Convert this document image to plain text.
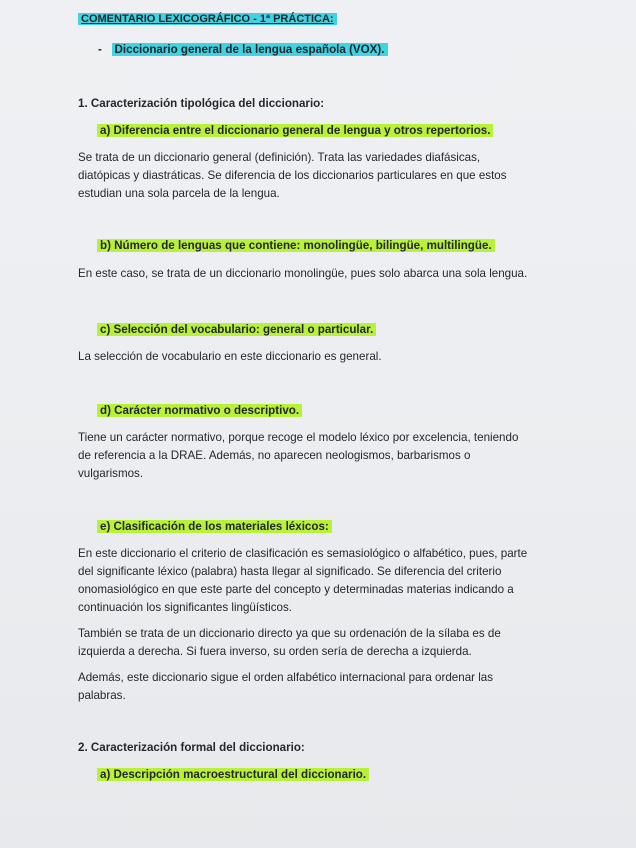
COMENTARIO LEXICOGRÁFICO - 1ª PRÁCTICA:

- Diccionario general de la lengua española (VOX).

1. Caracterización tipológica del diccionario:

a) Diferencia entre el diccionario general de lengua y otros repertorios.

Se trata de un diccionario general (definición). Trata las variedades diafásicas,

diatópicas y diastráticas. Se diferencia de los diccionarios particulares en que estos

estudian una sola parcela de la lengua.

b) Número de lenguas que contiene: monolingüe, bilingüe, multilingüe.

En este caso, se trata de un diccionario monolingüe, pues solo abarca una sola lengua.

c) Selección del vocabulario: general o particular.

La selección de vocabulario en este diccionario es general.

d) Carácter normativo o descriptivo.

Tiene un carácter normativo, porque recoge el modelo léxico por excelencia, teniendo

de referencia a la DRAE. Además, no aparecen neologismos, barbarismos o

vulgarismos.

e) Clasificación de los materiales léxicos:

En este diccionario el criterio de clasificación es semasiológico o alfabético, pues, parte

del significante léxico (palabra) hasta llegar al significado. Se diferencia del criterio

onomasiológico en que este parte del concepto y determinadas materias indicando a

continuación los significantes lingüísticos.

También se trata de un diccionario directo ya que su ordenación de la sílaba es de

izquierda a derecha. Si fuera inverso, su orden sería de derecha a izquierda.

Además, este diccionario sigue el orden alfabético internacional para ordenar las

palabras.

2. Caracterización formal del diccionario:

a) Descripción macroestructural del diccionario.
